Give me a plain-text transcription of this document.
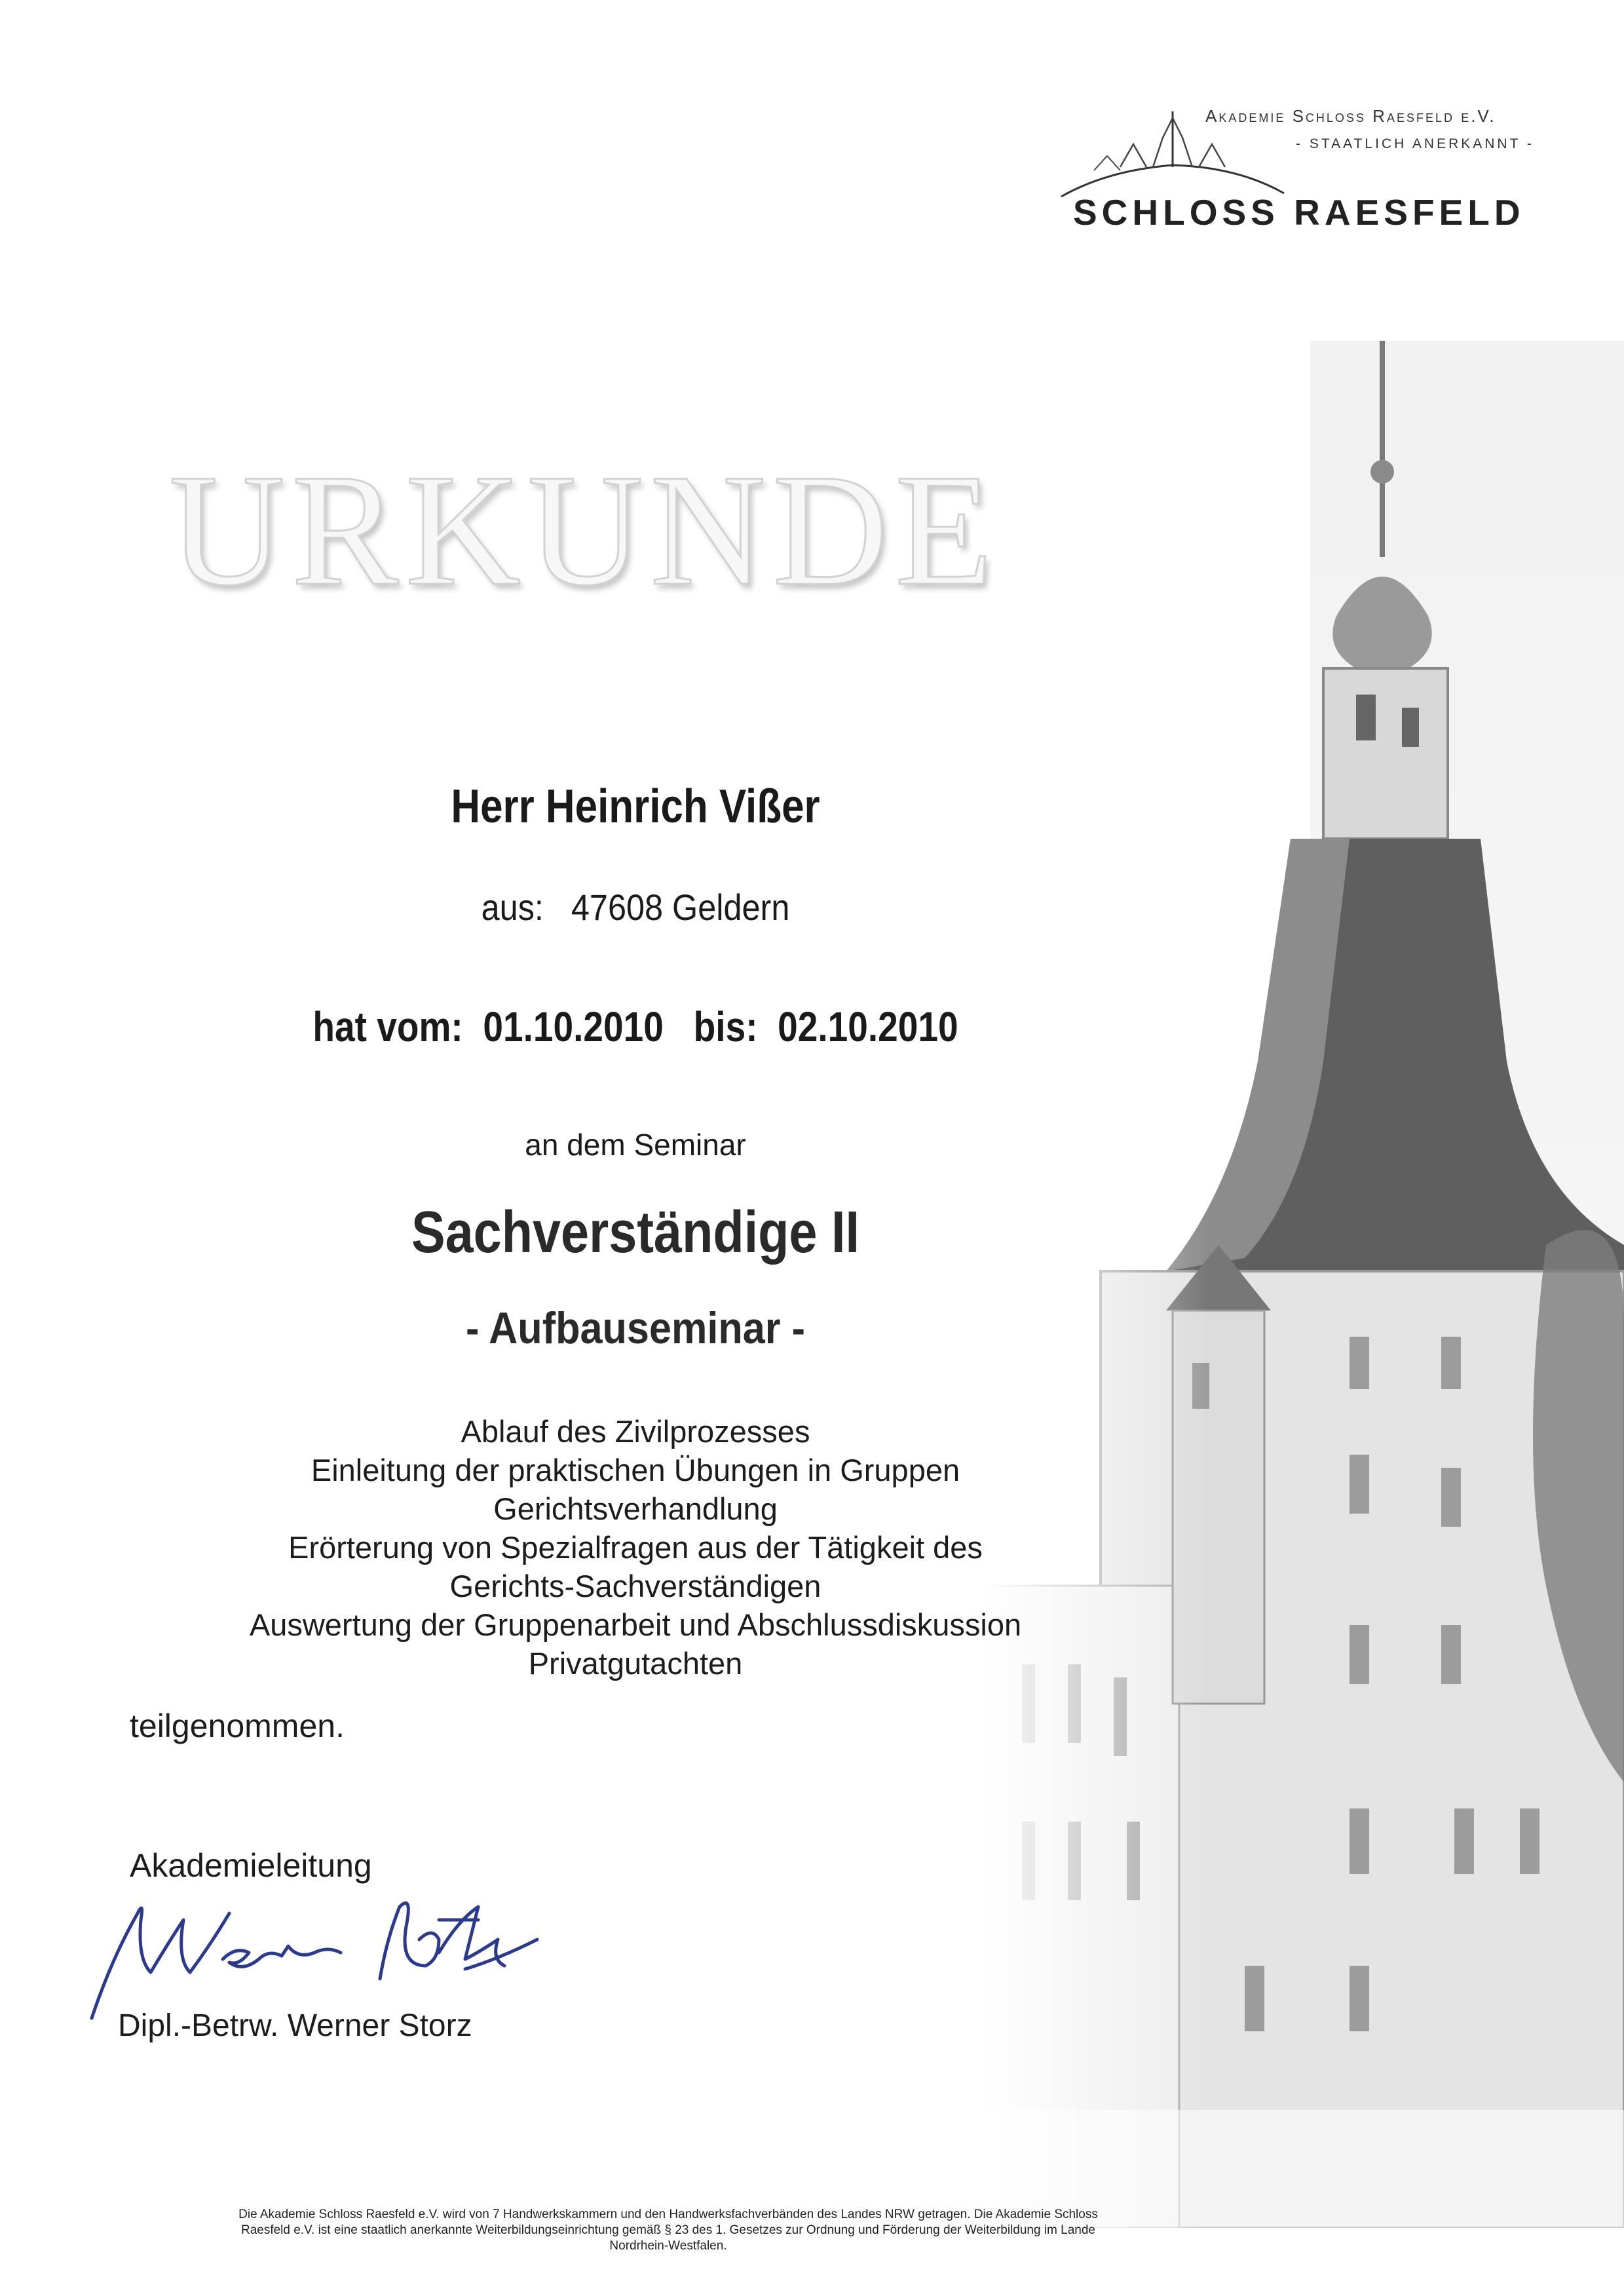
Akademie Schloss Raesfeld e.V.
- STAATLICH ANERKANNT -
SCHLOSS RAESFELD
URKUNDE
Herr Heinrich Vißer
aus:   47608 Geldern
hat vom:  01.10.2010   bis:  02.10.2010
an dem Seminar
Sachverständige II
- Aufbauseminar -
Ablauf des Zivilprozesses
Einleitung der praktischen Übungen in Gruppen
Gerichtsverhandlung
Erörterung von Spezialfragen aus der Tätigkeit des
Gerichts-Sachverständigen
Auswertung der Gruppenarbeit und Abschlussdiskussion
Privatgutachten
teilgenommen.
Akademieleitung
Dipl.-Betrw. Werner Storz
Die Akademie Schloss Raesfeld e.V. wird von 7 Handwerkskammern und den Handwerksfachverbänden des Landes NRW getragen. Die Akademie Schloss
Raesfeld e.V. ist eine staatlich anerkannte Weiterbildungseinrichtung gemäß § 23 des 1. Gesetzes zur Ordnung und Förderung der Weiterbildung im Lande
Nordrhein-Westfalen.
